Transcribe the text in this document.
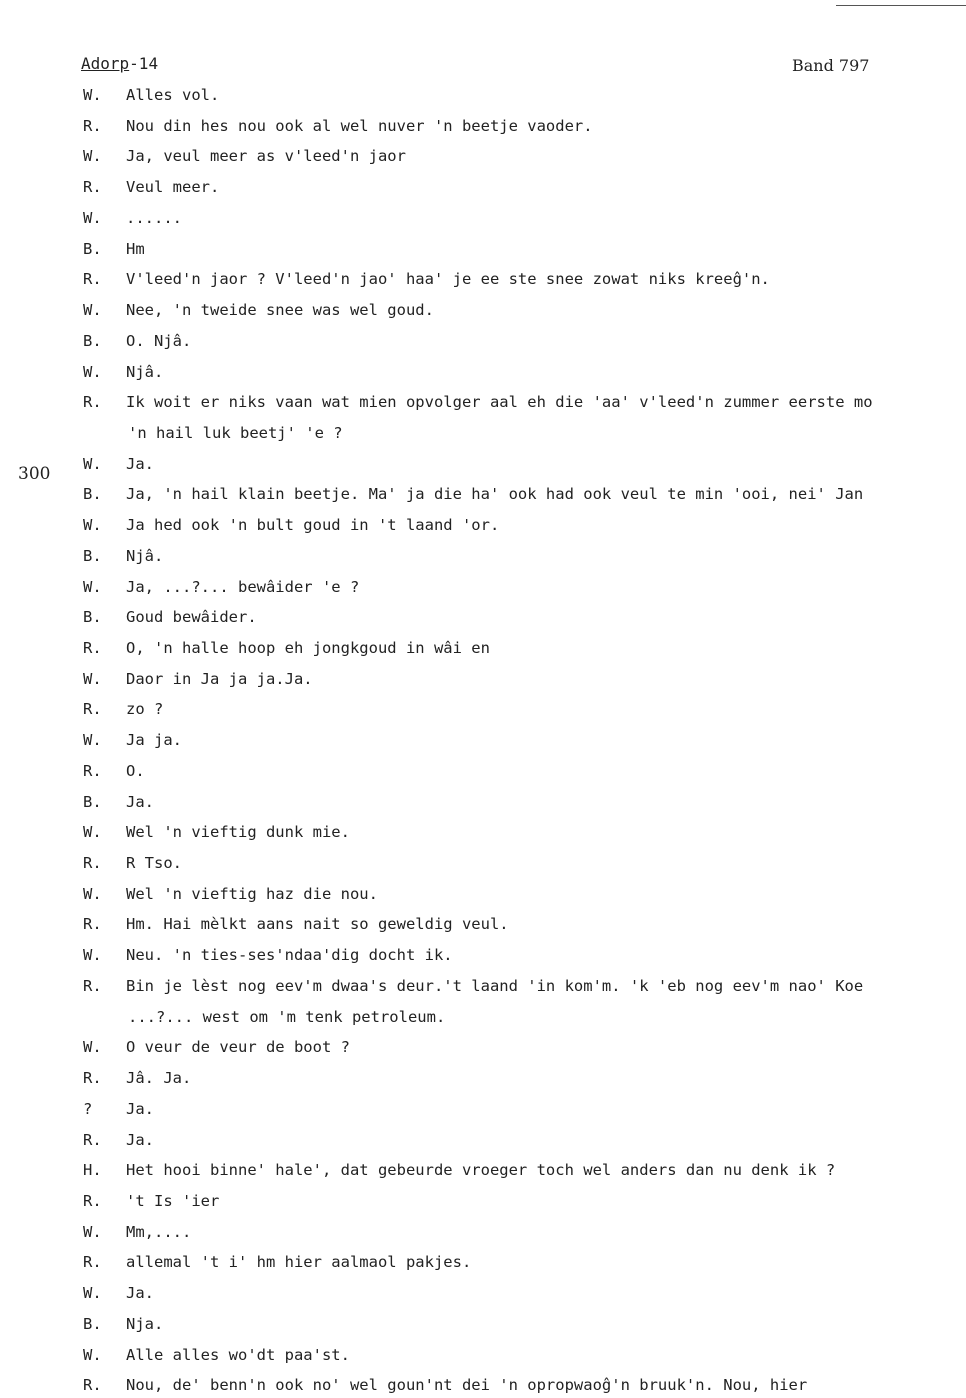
Adorp-14	Band 797
300
W. Alles vol.
R. Nou din hes nou ook al wel nuver 'n beetje vaoder.
W. Ja, veul meer as v'leed'n jaor
R. Veul meer.
W. ......
B. Hm
R. V'leed'n jaor ? V'leed'n jao' haa' je ee ste snee zowat niks kreeĝ'n.
W. Nee, 'n tweide snee was wel goud.
B. O. Njâ.
W. Njâ.
R. Ik woit er niks vaan wat mien opvolger aal eh die 'aa' v'leed'n zummer eerste mo
'n hail luk beetj' 'e ?
W. Ja.
B. Ja, 'n hail klain beetje. Ma' ja die ha' ook had ook veul te min 'ooi, nei' Jan
W. Ja hed ook 'n bult goud in 't laand 'or.
B. Njâ.
W. Ja, ...?... bewâider 'e ?
B. Goud bewâider.
R. O, 'n halle hoop eh jongkgoud in wâi en
W. Daor in Ja ja ja.Ja.
R. zo ?
W. Ja ja.
R. O.
B. Ja.
W. Wel 'n vieftig dunk mie.
R. R Tso.
W. Wel 'n vieftig haz die nou.
R. Hm. Hai mèlkt aans nait so geweldig veul.
W. Neu. 'n ties-ses'ndaa'dig docht ik.
R. Bin je lèst nog eev'm dwaa's deur.'t laand 'in kom'm. 'k 'eb nog eev'm nao' Koe
...?... west om 'm tenk petroleum.
W. O veur de veur de boot ?
R. Jâ. Ja.
? Ja.
R. Ja.
H. Het hooi binne' hale', dat gebeurde vroeger toch wel anders dan nu denk ik ?
R. 't Is 'ier
W. Mm,....
R. allemal 't i' hm hier aalmaol pakjes.
W. Ja.
B. Nja.
W. Alle alles wo'dt paa'st.
R. Nou, de' benn'n ook no' wel goun'nt dei 'n opropwaoĝ'n bruuk'n. Nou, hier
